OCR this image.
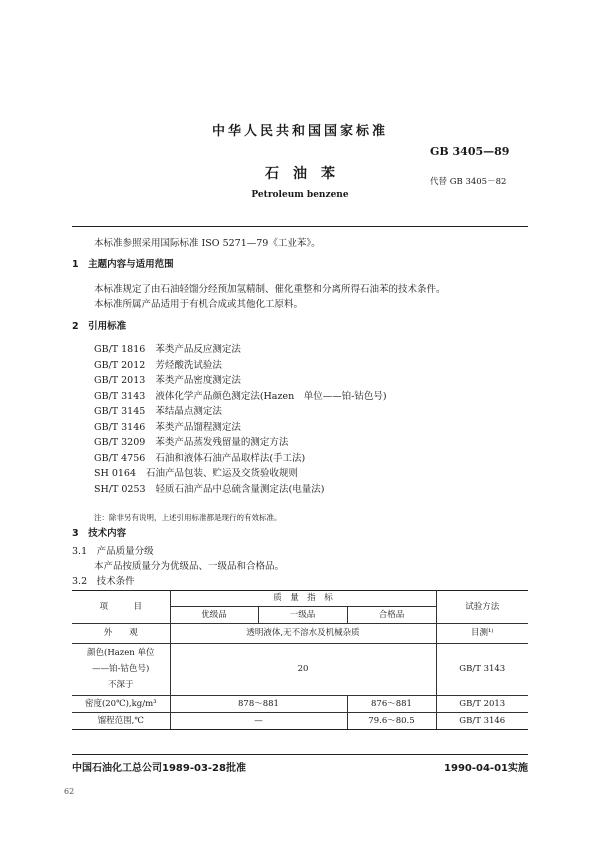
中华人民共和国国家标准
GB 3405—89
石　油　苯	代替 GB 3405－82
Petroleum benzene
本标准参照采用国际标准 ISO 5271—79《工业苯》。
1　主题内容与适用范围
本标准规定了由石油轻馏分经预加氢精制、催化重整和分离所得石油苯的技术条件。
本标准所属产品适用于有机合成或其他化工原料。
2　引用标准
GB/T 1816 苯类产品反应测定法
GB/T 2012 芳烃酸洗试验法
GB/T 2013 苯类产品密度测定法
GB/T 3143 液体化学产品颜色测定法(Hazen　单位——铂-钴色号)
GB/T 3145 苯结晶点测定法
GB/T 3146 苯类产品馏程测定法
GB/T 3209 苯类产品蒸发残留量的测定方法
GB/T 4756 石油和液体石油产品取样法(手工法)
SH 0164 石油产品包装、贮运及交货验收规则
SH/T 0253 轻质石油产品中总硫含量测定法(电量法)
注：除非另有说明，上述引用标准都是现行的有效标准。
3　技术内容
3.1　产品质量分级
本产品按质量分为优级品、一级品和合格品。
3.2　技术条件
项　　　目	质　量　指　标			试验方法
	优级品	一级品	合格品	
外　　观	透明液体,无不溶水及机械杂质			目测¹⁾

颜色(Hazen 单位
——铂-钴色号)
不深于	20			GB/T 3143
密度(20℃),kg/m³	878～881		876～881	GB/T 2013
馏程范围,℃	—		79.6～80.5	GB/T 3146
中国石油化工总公司1989-03-28批准	1990-04-01实施
62
